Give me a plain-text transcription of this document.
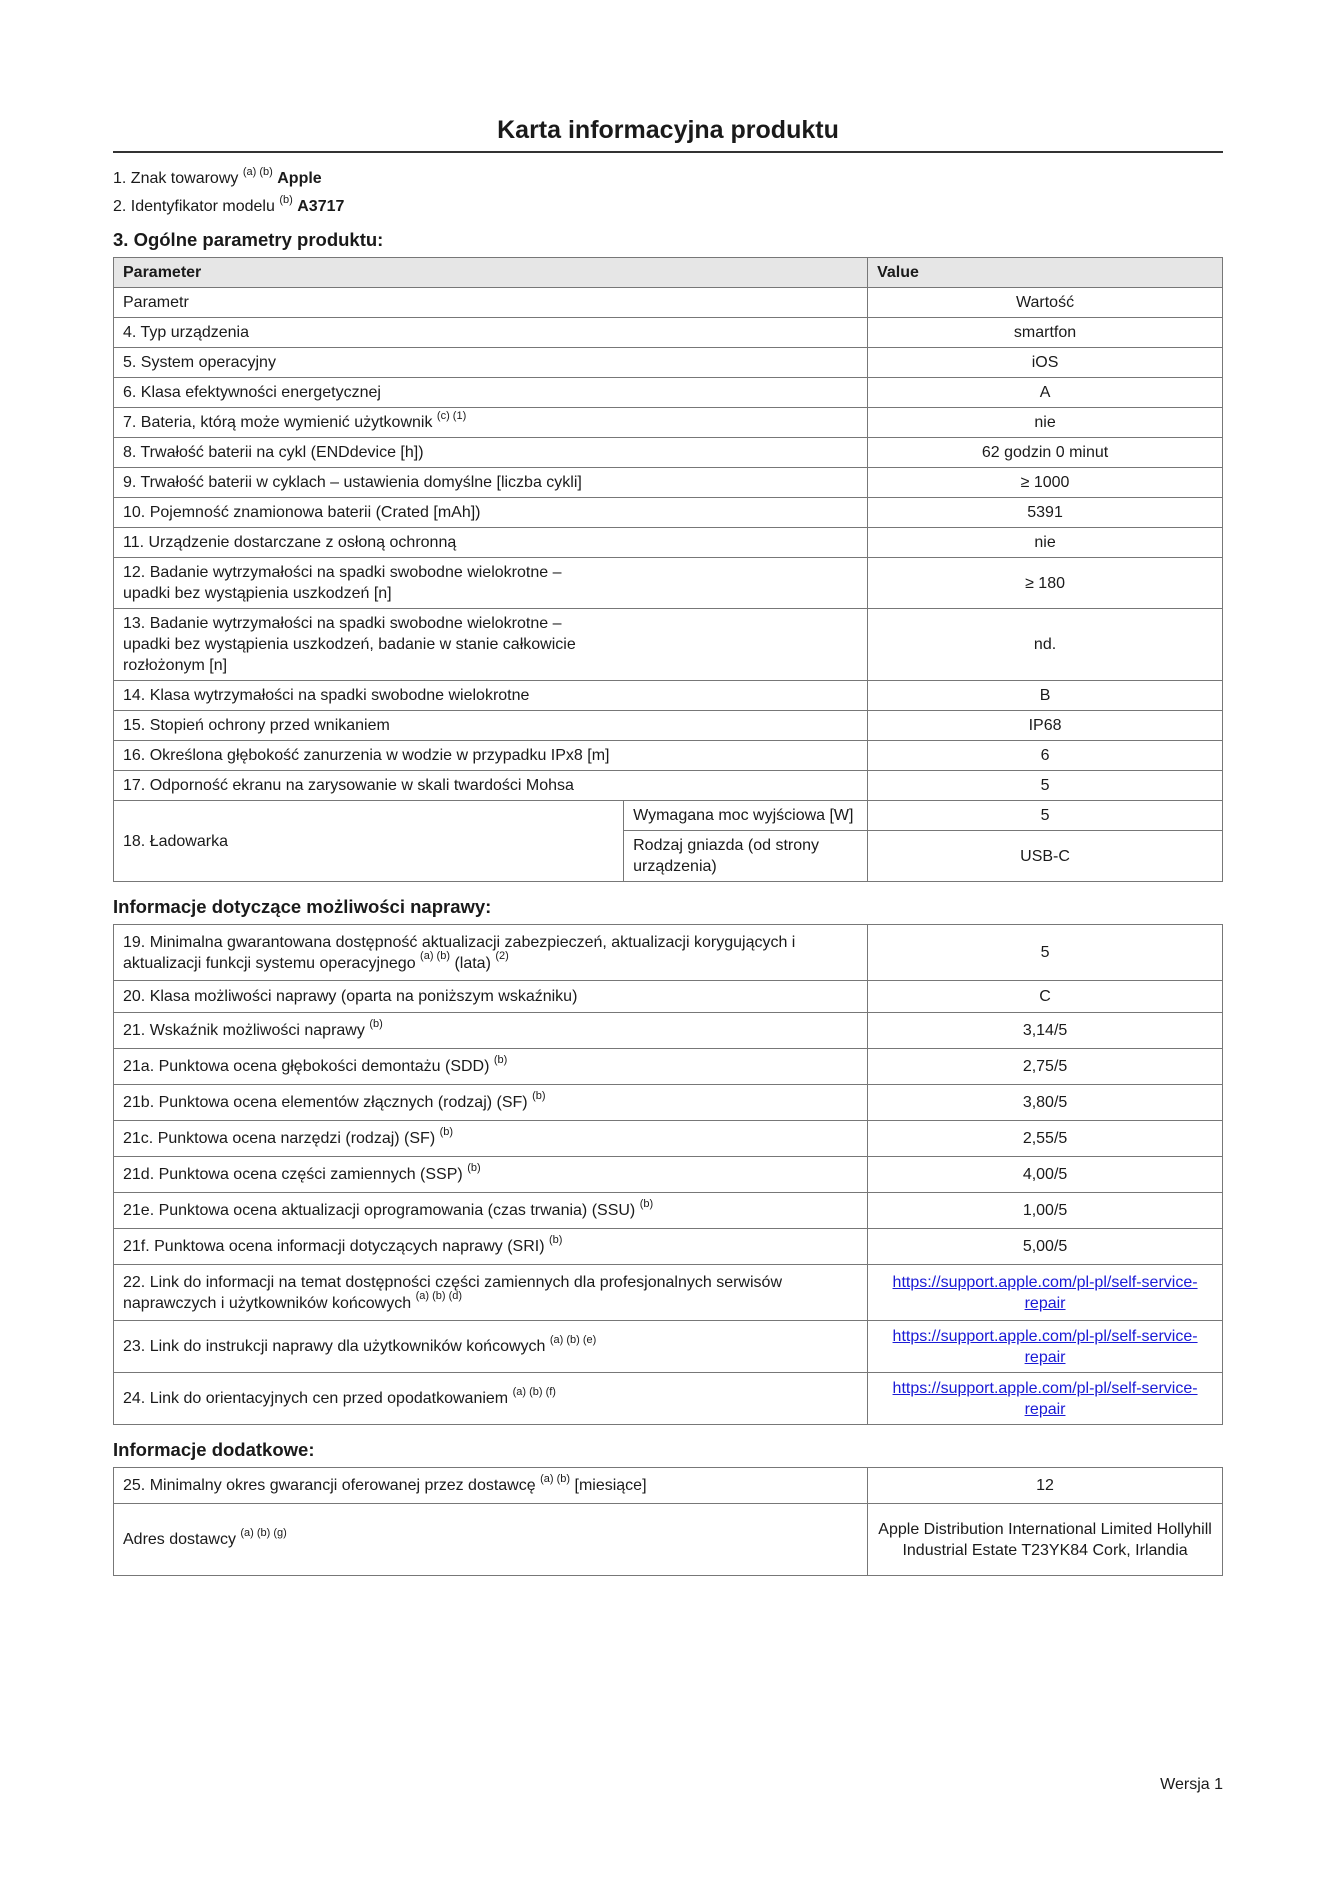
Karta informacyjna produktu
1. Znak towarowy $^{(a) (b)}$ Apple
2. Identyfikator modelu $^{(b)}$ A3717
3. Ogólne parametry produktu:
Parameter		Value
Parametr		Wartość
4. Typ urządzenia		smartfon
5. System operacyjny		iOS
6. Klasa efektywności energetycznej		A
7. Bateria, którą może wymienić użytkownik $^{(c) (1)}$		nie
8. Trwałość baterii na cykl (ENDdevice [h])		62 godzin 0 minut
9. Trwałość baterii w cyklach – ustawienia domyślne [liczba cykli]		≥ 1000
10. Pojemność znamionowa baterii (Crated [mAh])		5391
11. Urządzenie dostarczane z osłoną ochronną		nie

12. Badanie wytrzymałości na spadki swobodne wielokrotne – upadki bez wystąpienia uszkodzeń [n]		≥ 180

13. Badanie wytrzymałości na spadki swobodne wielokrotne – upadki bez wystąpienia uszkodzeń, badanie w stanie całkowicie rozłożonym [n]		nd.
14. Klasa wytrzymałości na spadki swobodne wielokrotne		B
15. Stopień ochrony przed wnikaniem		IP68

16. Określona głębokość zanurzenia w wodzie w przypadku IPx8 [m]		6
17. Odporność ekranu na zarysowanie w skali twardości Mohsa		5
18. Ładowarka	Wymagana moc wyjściowa [W]	5
	Rodzaj gniazda (od strony urządzenia)	USB-C
Informacje dotyczące możliwości naprawy:
19. Minimalna gwarantowana dostępność aktualizacji zabezpieczeń, aktualizacji korygujących i aktualizacji funkcji systemu operacyjnego $^{(a) (b)}$ (lata) $^{(2)}$	5
20. Klasa możliwości naprawy (oparta na poniższym wskaźniku)	C
21. Wskaźnik możliwości naprawy $^{(b)}$	3,14/5
21a. Punktowa ocena głębokości demontażu (SDD) $^{(b)}$	2,75/5
21b. Punktowa ocena elementów złącznych (rodzaj) (SF) $^{(b)}$	3,80/5
21c. Punktowa ocena narzędzi (rodzaj) (SF) $^{(b)}$	2,55/5
21d. Punktowa ocena części zamiennych (SSP) $^{(b)}$	4,00/5
21e. Punktowa ocena aktualizacji oprogramowania (czas trwania) (SSU) $^{(b)}$	1,00/5
21f. Punktowa ocena informacji dotyczących naprawy (SRI) $^{(b)}$	5,00/5
22. Link do informacji na temat dostępności części zamiennych dla profesjonalnych serwisów naprawczych i użytkowników końcowych $^{(a) (b) (d)}$	https://support.apple.com/pl-pl/self-service-repair
23. Link do instrukcji naprawy dla użytkowników końcowych $^{(a) (b) (e)}$	https://support.apple.com/pl-pl/self-service-repair
24. Link do orientacyjnych cen przed opodatkowaniem $^{(a) (b) (f)}$	https://support.apple.com/pl-pl/self-service-repair
Informacje dodatkowe:
25. Minimalny okres gwarancji oferowanej przez dostawcę $^{(a) (b)}$ [miesiące]	12
Adres dostawcy $^{(a) (b) (g)}$	Apple Distribution International Limited Hollyhill Industrial Estate T23YK84 Cork, Irlandia
Wersja 1
